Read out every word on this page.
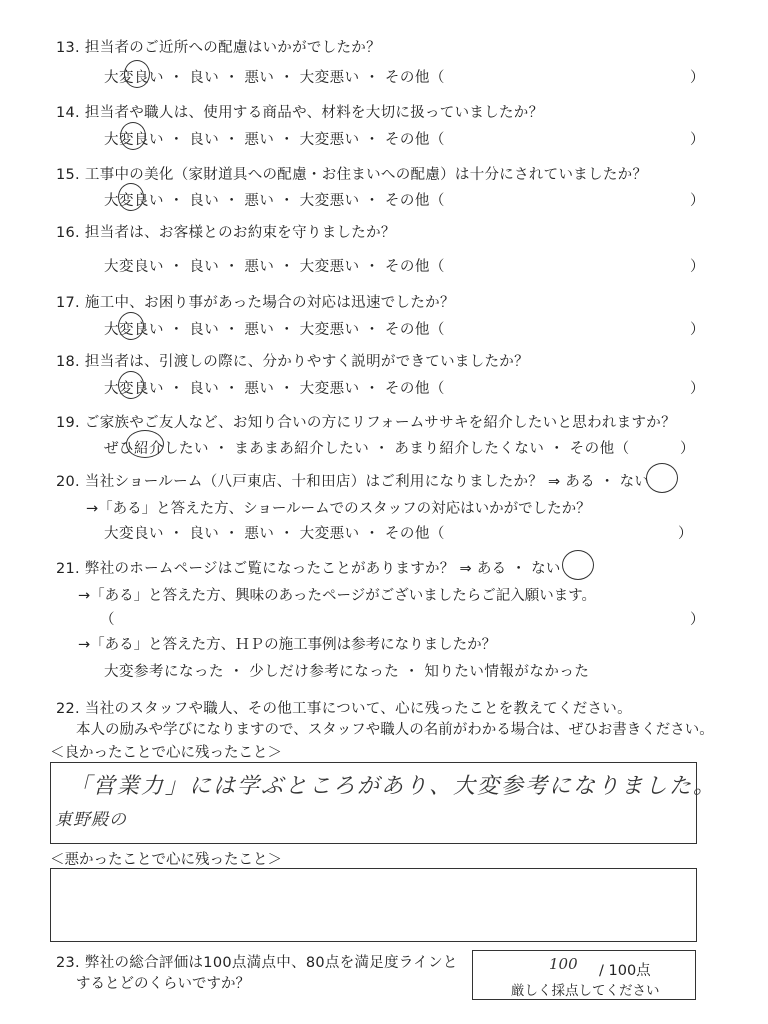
13. 担当者のご近所への配慮はいかがでしたか？
大変良い ・ 良い ・ 悪い ・ 大変悪い ・ その他（	）
14. 担当者や職人は、使用する商品や、材料を大切に扱っていましたか？
大変良い ・ 良い ・ 悪い ・ 大変悪い ・ その他（	）
15. 工事中の美化（家財道具への配慮・お住まいへの配慮）は十分にされていましたか？
大変良い ・ 良い ・ 悪い ・ 大変悪い ・ その他（	）
16. 担当者は、お客様とのお約束を守りましたか？
大変良い ・ 良い ・ 悪い ・ 大変悪い ・ その他（	）
17. 施工中、お困り事があった場合の対応は迅速でしたか？
大変良い ・ 良い ・ 悪い ・ 大変悪い ・ その他（	）
18. 担当者は、引渡しの際に、分かりやすく説明ができていましたか？
大変良い ・ 良い ・ 悪い ・ 大変悪い ・ その他（	）
19. ご家族やご友人など、お知り合いの方にリフォームササキを紹介したいと思われますか？
ぜひ紹介したい ・ まあまあ紹介したい ・ あまり紹介したくない ・ その他（	）
20. 当社ショールーム（八戸東店、十和田店）はご利用になりましたか？ ⇒ ある ・ ない
→「ある」と答えた方、ショールームでのスタッフの対応はいかがでしたか？
大変良い ・ 良い ・ 悪い ・ 大変悪い ・ その他（	）
21. 弊社のホームページはご覧になったことがありますか？ ⇒ ある ・ ない
→「ある」と答えた方、興味のあったページがございましたらご記入願います。
（	）
→「ある」と答えた方、ＨＰの施工事例は参考になりましたか？
大変参考になった ・ 少しだけ参考になった ・ 知りたい情報がなかった
22. 当社のスタッフや職人、その他工事について、心に残ったことを教えてください。
本人の励みや学びになりますので、スタッフや職人の名前がわかる場合は、ぜひお書きください。
＜良かったことで心に残ったこと＞
「営業力」には学ぶところがあり、大変参考になりました。
東野殿の
＜悪かったことで心に残ったこと＞
23. 弊社の総合評価は100点満点中、80点を満足度ラインと
するとどのくらいですか？
100 / 100点
厳しく採点してください
